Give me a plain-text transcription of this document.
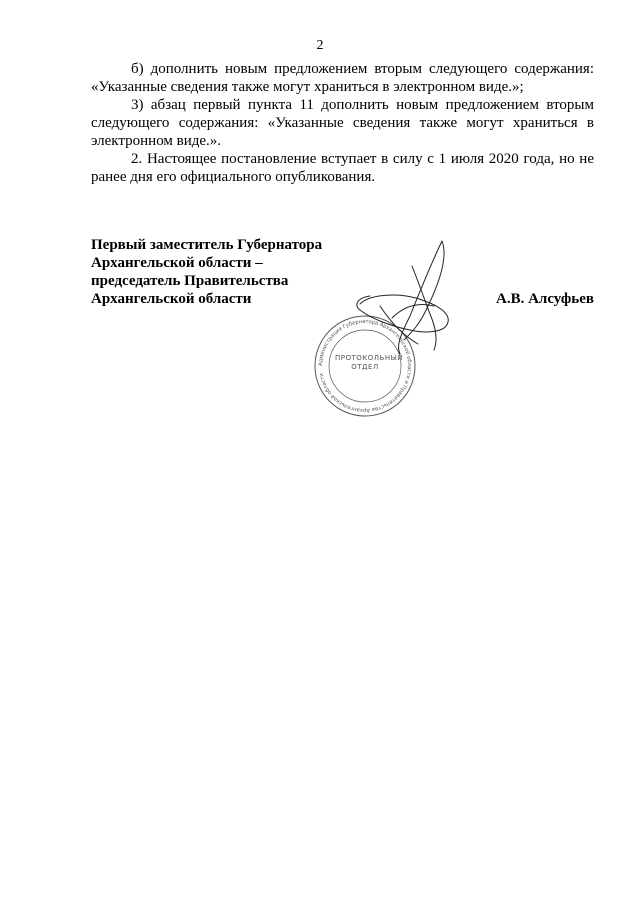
2

б) дополнить новым предложением вторым следующего содержания: «Указанные сведения также могут храниться в электронном виде.»;

3) абзац первый пункта 11 дополнить новым предложением вторым следующего содержания: «Указанные сведения также могут храниться в электронном виде.».

2. Настоящее постановление вступает в силу с 1 июля 2020 года, но не ранее дня его официального опубликования.

Первый заместитель Губернатора
Архангельской области –
председатель Правительства
Архангельской области	А.В. Алсуфьев
Администрация Губернатора Архангельской области и Правительства Архангельской области
ПРОТОКОЛЬНЫЙ ОТДЕЛ
